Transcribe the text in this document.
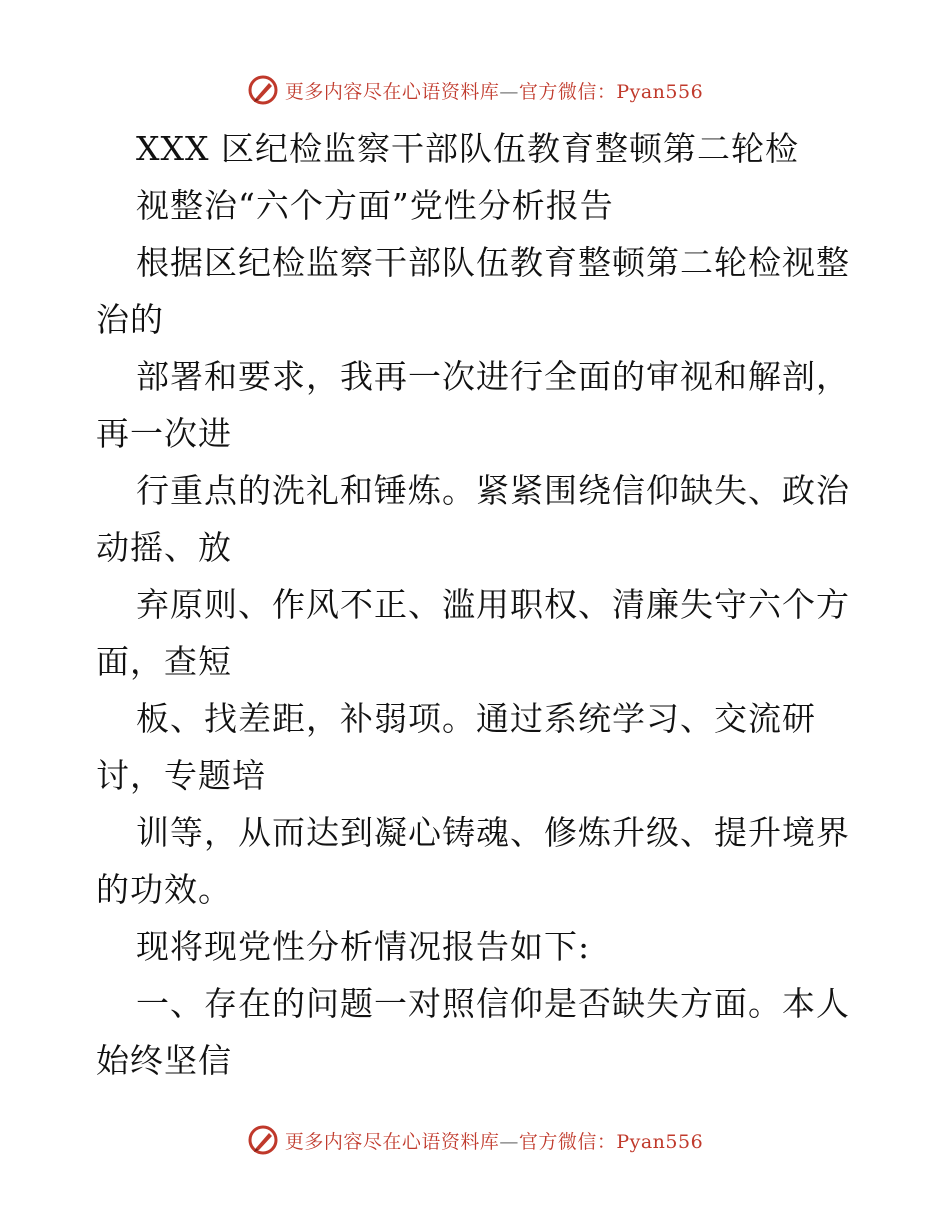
更多内容尽在心语资料库—官方微信：Pyan556
XXX 区纪检监察干部队伍教育整顿第二轮检
视整治“六个方面”党性分析报告
根据区纪检监察干部队伍教育整顿第二轮检视整
治的
部署和要求，我再一次进行全面的审视和解剖，
再一次进
行重点的洗礼和锤炼。紧紧围绕信仰缺失、政治
动摇、放
弃原则、作风不正、滥用职权、清廉失守六个方
面，查短
板、找差距，补弱项。通过系统学习、交流研
讨，专题培
训等，从而达到凝心铸魂、修炼升级、提升境界
的功效。
现将现党性分析情况报告如下:
一、存在的问题一对照信仰是否缺失方面。本人
始终坚信
更多内容尽在心语资料库—官方微信：Pyan556
